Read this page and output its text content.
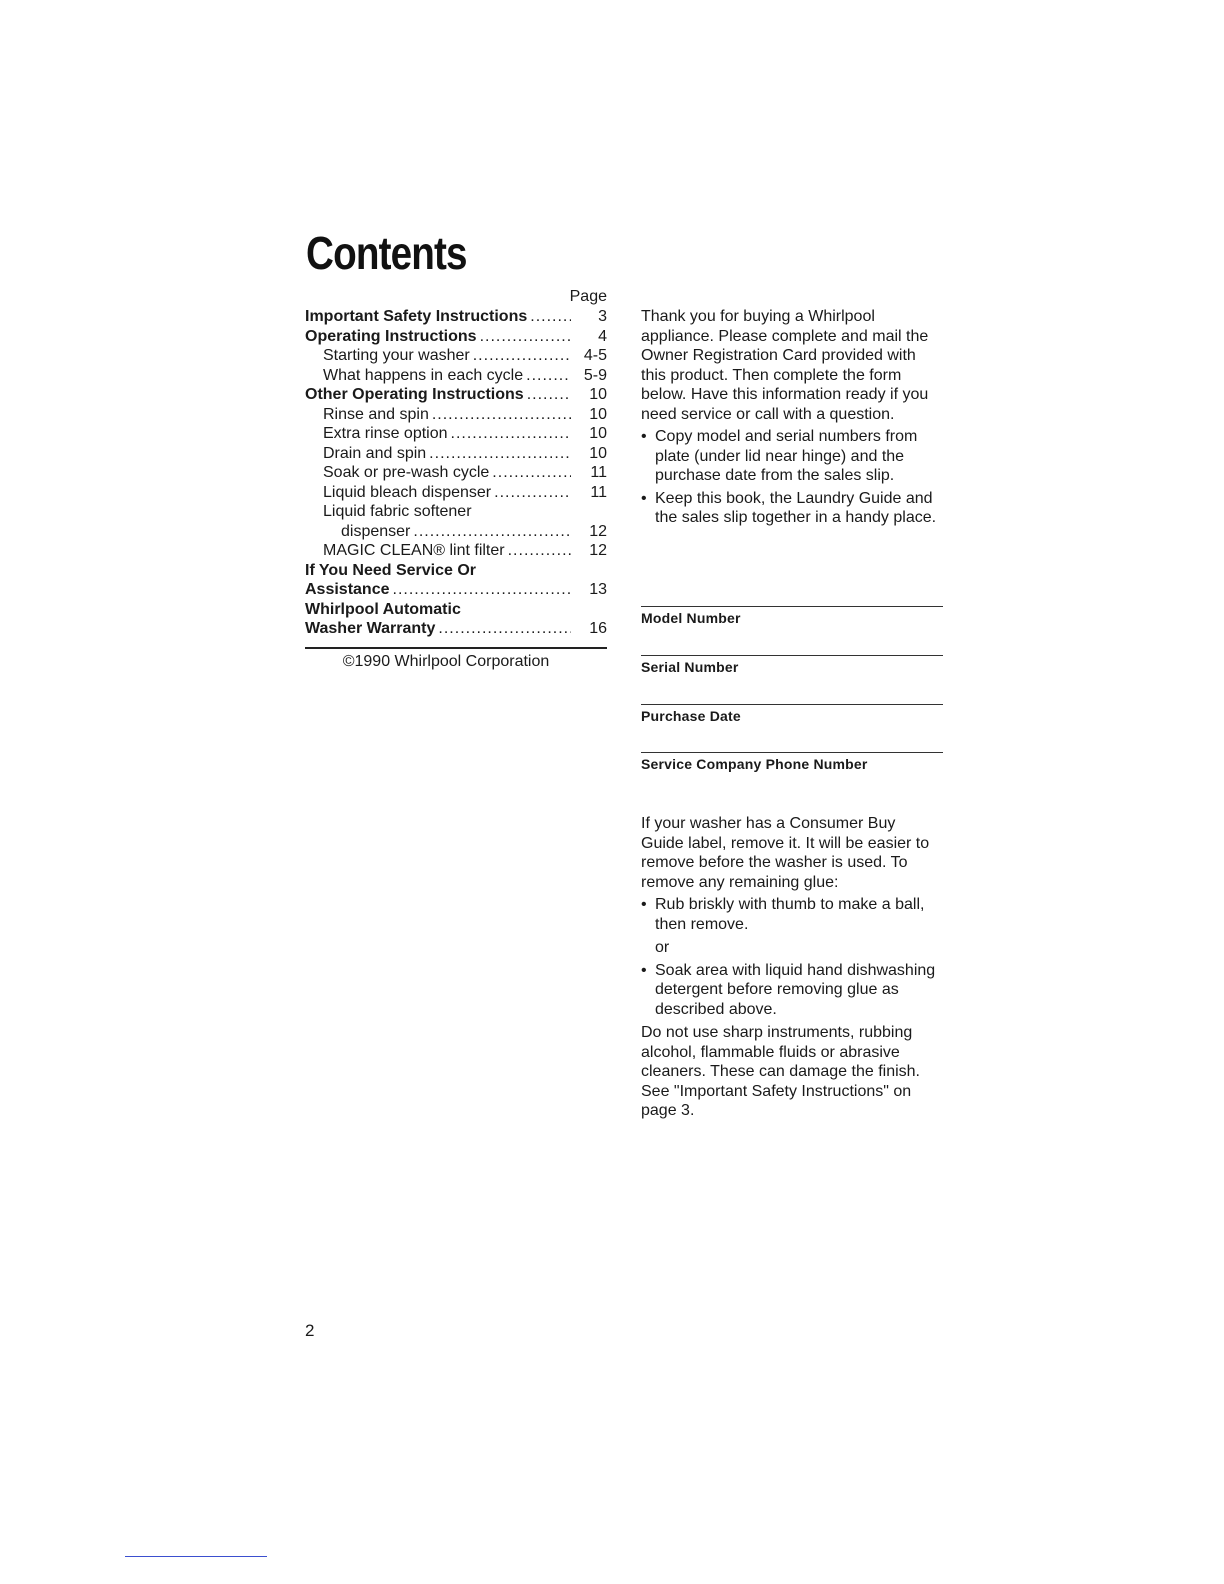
Contents
Page
Important Safety Instructions .....	3
Operating Instructions .....	4
Starting your washer .....	4-5
What happens in each cycle .....	5-9
Other Operating Instructions .....	10
Rinse and spin .....	10
Extra rinse option .....	10
Drain and spin .....	10
Soak or pre-wash cycle .....	11
Liquid bleach dispenser .....	11
Liquid fabric softener
dispenser .....	12
MAGIC CLEAN® lint filter .....	12
If You Need Service Or
Assistance .....	13
Whirlpool Automatic
Washer Warranty .....	16
©1990 Whirlpool Corporation

Thank you for buying a Whirlpool appliance. Please complete and mail the Owner Registration Card provided with this product. Then complete the form below. Have this information ready if you need service or call with a question.

• Copy model and serial numbers from plate (under lid near hinge) and the purchase date from the sales slip.
• Keep this book, the Laundry Guide and the sales slip together in a handy place.
Model Number
Serial Number
Purchase Date
Service Company Phone Number

If your washer has a Consumer Buy Guide label, remove it. It will be easier to remove before the washer is used. To remove any remaining glue:

• Rub briskly with thumb to make a ball, then remove.
or
• Soak area with liquid hand dishwashing detergent before removing glue as described above.

Do not use sharp instruments, rubbing alcohol, flammable fluids or abrasive cleaners. These can damage the finish. See "Important Safety Instructions" on page 3.

2
